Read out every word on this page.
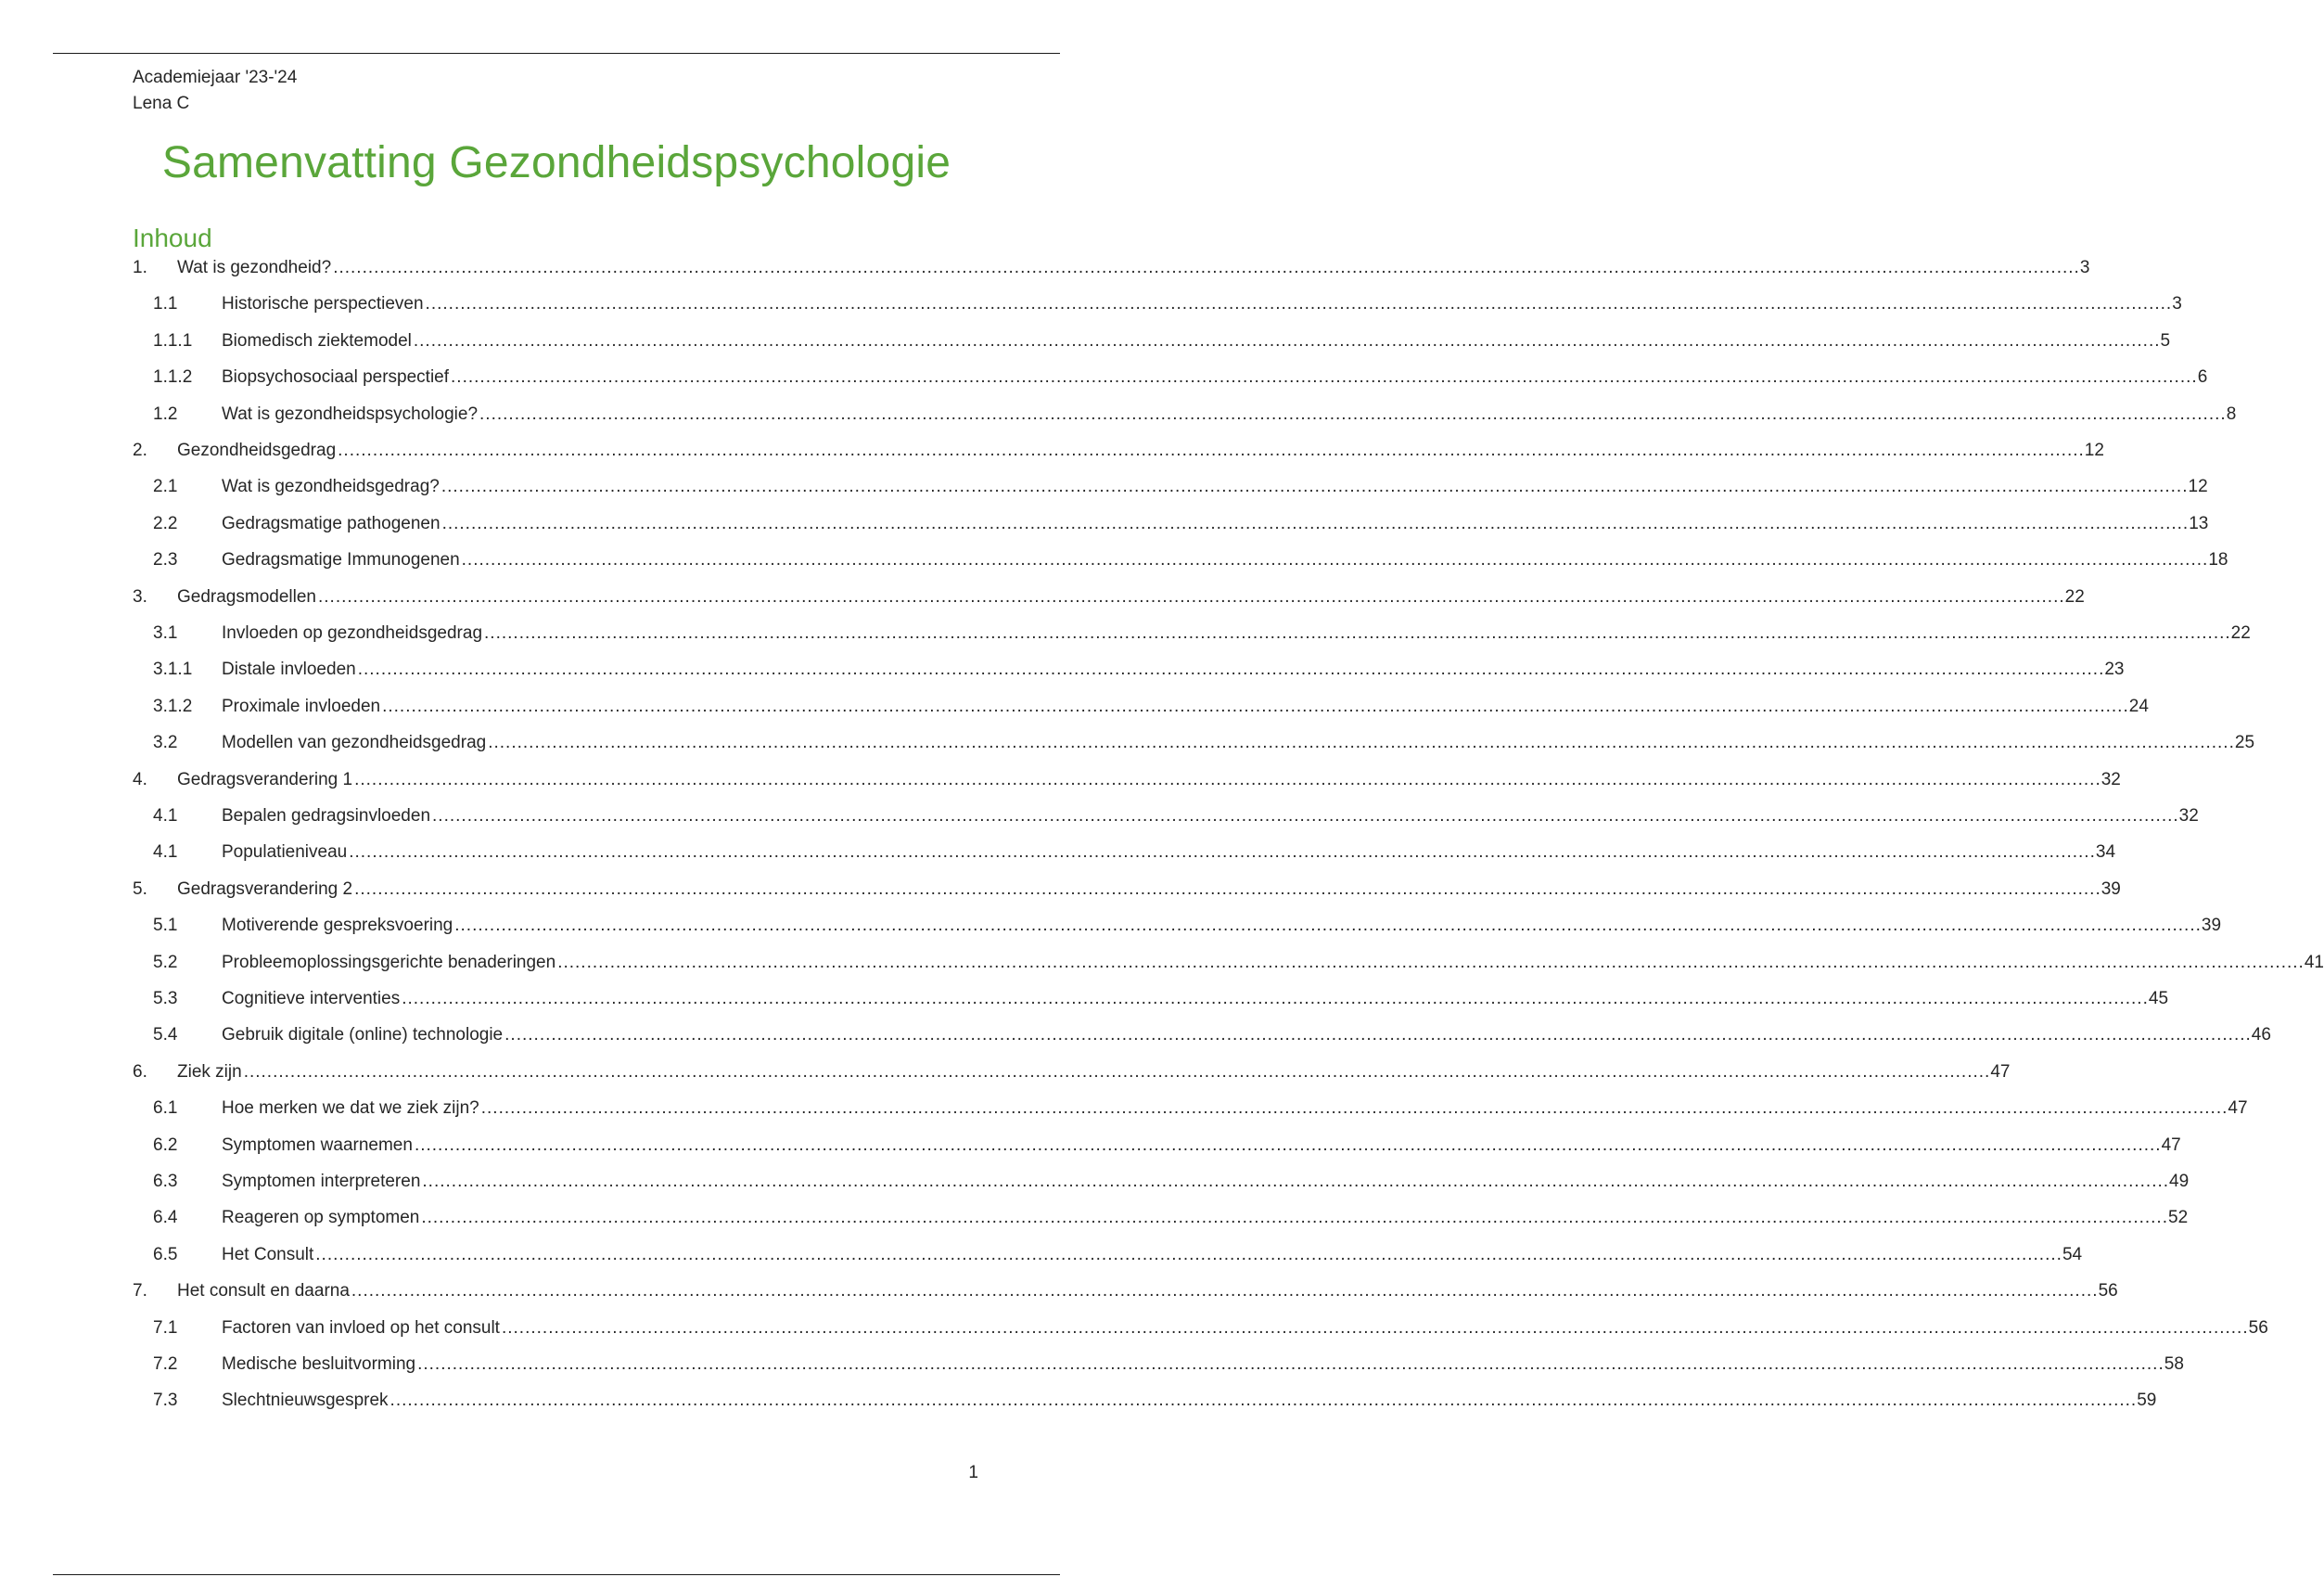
Academiejaar '23-'24
Lena C
Samenvatting Gezondheidspsychologie
Inhoud
1.	Wat is gezondheid? ............................................................................................................................................................................................................................................................................................................ 3
1.1	Historische perspectieven ............................................................................................................................................................................................................................................................................................................ 3
1.1.1	Biomedisch ziektemodel ............................................................................................................................................................................................................................................................................................................ 5
1.1.2	Biopsychosociaal perspectief ............................................................................................................................................................................................................................................................................................................ 6
1.2	Wat is gezondheidspsychologie? ............................................................................................................................................................................................................................................................................................................ 8
2.	Gezondheidsgedrag ............................................................................................................................................................................................................................................................................................................ 12
2.1	Wat is gezondheidsgedrag? ............................................................................................................................................................................................................................................................................................................ 12
2.2	Gedragsmatige pathogenen ............................................................................................................................................................................................................................................................................................................ 13
2.3	Gedragsmatige Immunogenen ............................................................................................................................................................................................................................................................................................................ 18
3.	Gedragsmodellen ............................................................................................................................................................................................................................................................................................................ 22
3.1	Invloeden op gezondheidsgedrag ............................................................................................................................................................................................................................................................................................................ 22
3.1.1	Distale invloeden ............................................................................................................................................................................................................................................................................................................ 23
3.1.2	Proximale invloeden ............................................................................................................................................................................................................................................................................................................ 24
3.2	Modellen van gezondheidsgedrag ............................................................................................................................................................................................................................................................................................................ 25
4.	Gedragsverandering 1 ............................................................................................................................................................................................................................................................................................................ 32
4.1	Bepalen gedragsinvloeden ............................................................................................................................................................................................................................................................................................................ 32
4.1	Populatieniveau ............................................................................................................................................................................................................................................................................................................ 34
5.	Gedragsverandering 2 ............................................................................................................................................................................................................................................................................................................ 39
5.1	Motiverende gespreksvoering ............................................................................................................................................................................................................................................................................................................ 39
5.2	Probleemoplossingsgerichte benaderingen ............................................................................................................................................................................................................................................................................................................ 41
5.3	Cognitieve interventies ............................................................................................................................................................................................................................................................................................................ 45
5.4	Gebruik digitale (online) technologie ............................................................................................................................................................................................................................................................................................................ 46
6.	Ziek zijn ............................................................................................................................................................................................................................................................................................................ 47
6.1	Hoe merken we dat we ziek zijn? ............................................................................................................................................................................................................................................................................................................ 47
6.2	Symptomen waarnemen ............................................................................................................................................................................................................................................................................................................ 47
6.3	Symptomen interpreteren ............................................................................................................................................................................................................................................................................................................ 49
6.4	Reageren op symptomen ............................................................................................................................................................................................................................................................................................................ 52
6.5	Het Consult ............................................................................................................................................................................................................................................................................................................ 54
7.	Het consult en daarna ............................................................................................................................................................................................................................................................................................................ 56
7.1	Factoren van invloed op het consult ............................................................................................................................................................................................................................................................................................................ 56
7.2	Medische besluitvorming ............................................................................................................................................................................................................................................................................................................ 58
7.3	Slechtnieuwsgesprek ............................................................................................................................................................................................................................................................................................................ 59
1
